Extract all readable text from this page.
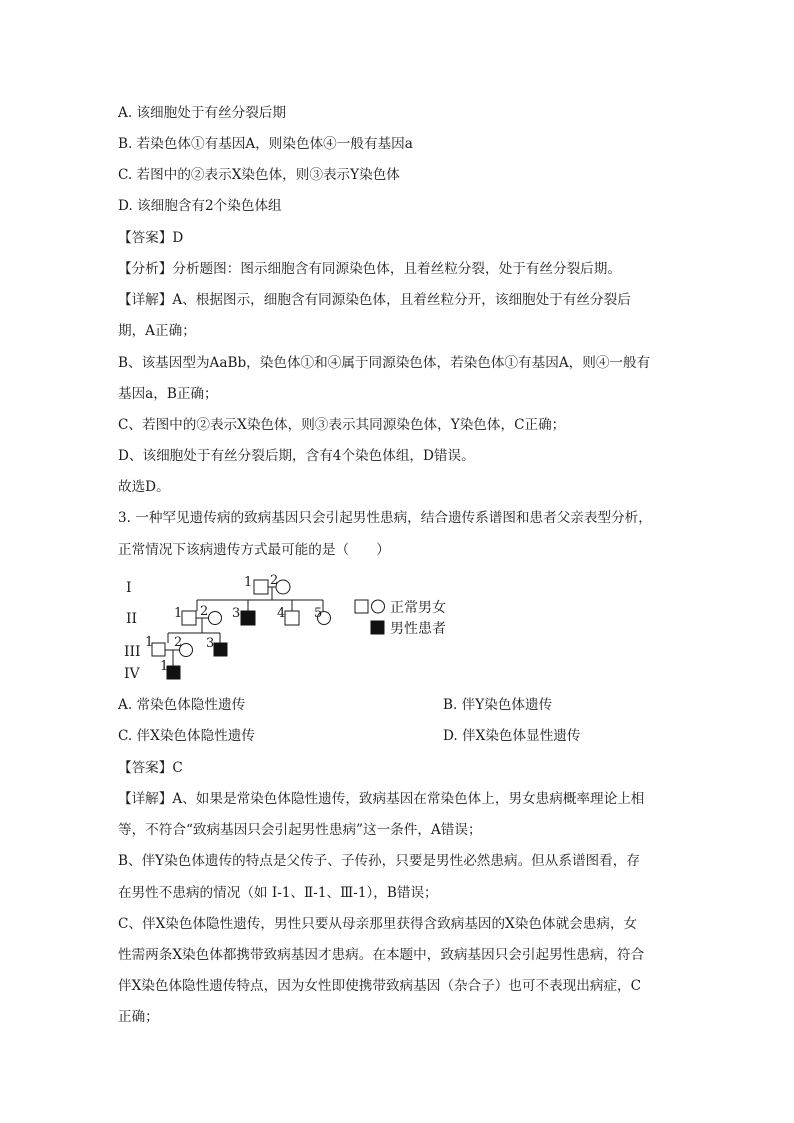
A. 该细胞处于有丝分裂后期
B. 若染色体①有基因A，则染色体④一般有基因a
C. 若图中的②表示X染色体，则③表示Y染色体
D. 该细胞含有2个染色体组
【答案】D
【分析】分析题图：图示细胞含有同源染色体，且着丝粒分裂，处于有丝分裂后期。
【详解】A、根据图示，细胞含有同源染色体，且着丝粒分开，该细胞处于有丝分裂后
期，A正确；
B、该基因型为AaBb，染色体①和④属于同源染色体，若染色体①有基因A，则④一般有
基因a，B正确；
C、若图中的②表示X染色体，则③表示其同源染色体，Y染色体，C正确；
D、该细胞处于有丝分裂后期，含有4个染色体组，D错误。
故选D。
3. 一种罕见遗传病的致病基因只会引起男性患病，结合遗传系谱图和患者父亲表型分析，
正常情况下该病遗传方式最可能的是（　　）
I
II
III
IV
1 2
1 2 3	4 5
1 2 3
1
正常男女
男性患者
A. 常染色体隐性遗传	B. 伴Y染色体遗传
C. 伴X染色体隐性遗传	D. 伴X染色体显性遗传
【答案】C
【详解】A、如果是常染色体隐性遗传，致病基因在常染色体上，男女患病概率理论上相
等，不符合“致病基因只会引起男性患病”这一条件，A错误；
B、伴Y染色体遗传的特点是父传子、子传孙，只要是男性必然患病。但从系谱图看，存
在男性不患病的情况（如 Ⅰ-1、Ⅱ-1、Ⅲ-1），B错误；
C、伴X染色体隐性遗传，男性只要从母亲那里获得含致病基因的X染色体就会患病，女
性需两条X染色体都携带致病基因才患病。在本题中，致病基因只会引起男性患病，符合
伴X染色体隐性遗传特点，因为女性即使携带致病基因（杂合子）也可不表现出病症，C
正确；
